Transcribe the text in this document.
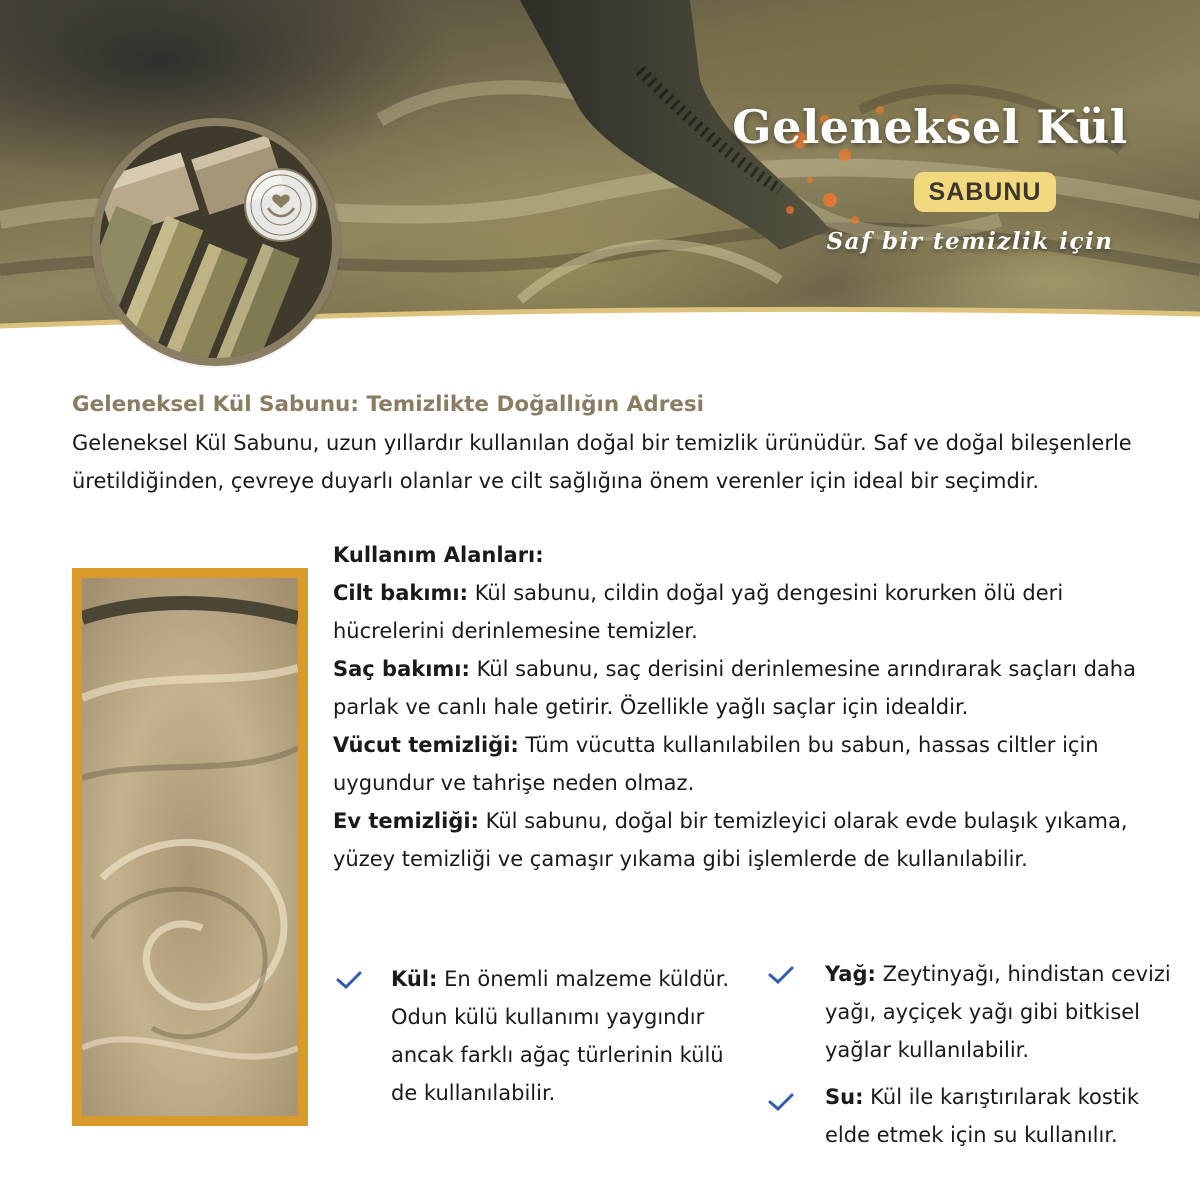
Geleneksel Kül
SABUNU
Saf bir temizlik için
Geleneksel Kül Sabunu: Temizlikte Doğallığın Adresi

Geleneksel Kül Sabunu, uzun yıllardır kullanılan doğal bir temizlik ürünüdür. Saf ve doğal bileşenlerle üretildiğinden, çevreye duyarlı olanlar ve cilt sağlığına önem verenler için ideal bir seçimdir.

Kullanım Alanları:

Cilt bakımı: Kül sabunu, cildin doğal yağ dengesini korurken ölü deri hücrelerini derinlemesine temizler.

Saç bakımı: Kül sabunu, saç derisini derinlemesine arındırarak saçları daha parlak ve canlı hale getirir. Özellikle yağlı saçlar için idealdir.

Vücut temizliği: Tüm vücutta kullanılabilen bu sabun, hassas ciltler için uygundur ve tahrişe neden olmaz.

Ev temizliği: Kül sabunu, doğal bir temizleyici olarak evde bulaşık yıkama, yüzey temizliği ve çamaşır yıkama gibi işlemlerde de kullanılabilir.

Kül: En önemli malzeme küldür. Odun külü kullanımı yaygındır ancak farklı ağaç türlerinin külü de kullanılabilir.

Yağ: Zeytinyağı, hindistan cevizi yağı, ayçiçek yağı gibi bitkisel yağlar kullanılabilir.

Su: Kül ile karıştırılarak kostik elde etmek için su kullanılır.
